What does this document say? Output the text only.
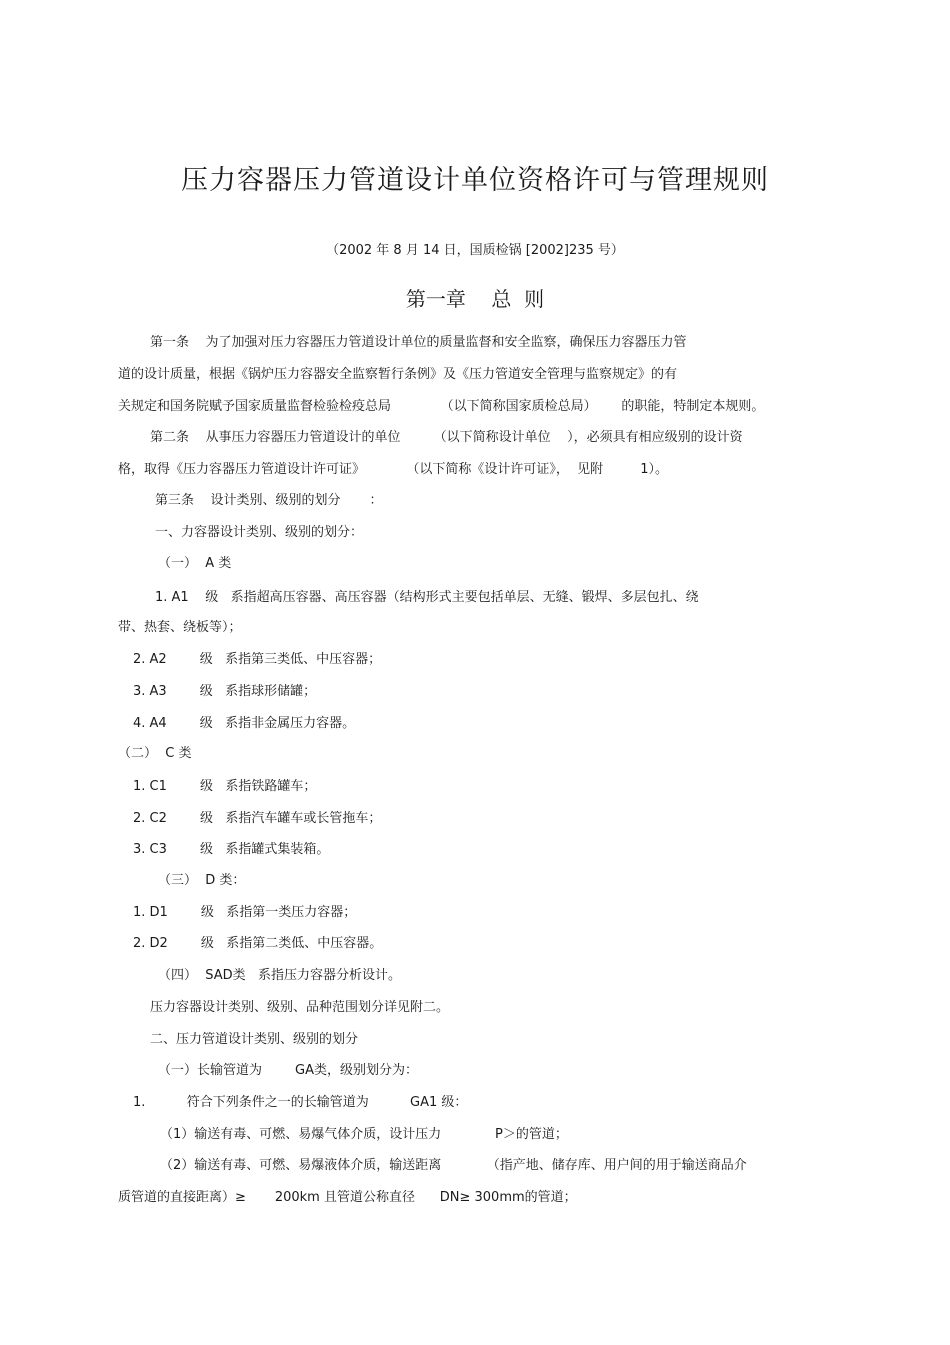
压力容器压力管道设计单位资格许可与管理规则
（2002 年 8 月 14 日，国质检锅 [2002]235 号）
第一章    总  则
第一条    为了加强对压力容器压力管道设计单位的质量监督和安全监察，确保压力容器压力管
道的设计质量，根据《锅炉压力容器安全监察暂行条例》及《压力管道安全管理与监察规定》的有
关规定和国务院赋予国家质量监督检验检疫总局            （以下简称国家质检总局）      的职能，特制定本规则。
第二条    从事压力容器压力管道设计的单位        （以下简称设计单位    ），必须具有相应级别的设计资
格，取得《压力容器压力管道设计许可证》          （以下简称《设计许可证》，  见附         1）。
第三条    设计类别、级别的划分       ：
一、力容器设计类别、级别的划分：
（一）  A 类
1. A1    级   系指超高压容器、高压容器（结构形式主要包括单层、无缝、锻焊、多层包扎、绕
带、热套、绕板等）；
2. A2        级   系指第三类低、中压容器；
3. A3        级   系指球形储罐；
4. A4        级   系指非金属压力容器。
（二）  C 类
1. C1        级   系指铁路罐车；
2. C2        级   系指汽车罐车或长管拖车；
3. C3        级   系指罐式集装箱。
（三）  D 类：
1. D1        级   系指第一类压力容器；
2. D2        级   系指第二类低、中压容器。
（四）  SAD类   系指压力容器分析设计。
压力容器设计类别、级别、品种范围划分详见附二。
二、压力管道设计类别、级别的划分
（一）长输管道为        GA类，级别划分为：
1.          符合下列条件之一的长输管道为          GA1 级：
（1）输送有毒、可燃、易爆气体介质，设计压力             P＞的管道；
（2）输送有毒、可燃、易爆液体介质，输送距离           （指产地、储存库、用户间的用于输送商品介
质管道的直接距离）≥       200km 且管道公称直径      DN≥ 300mm的管道；
